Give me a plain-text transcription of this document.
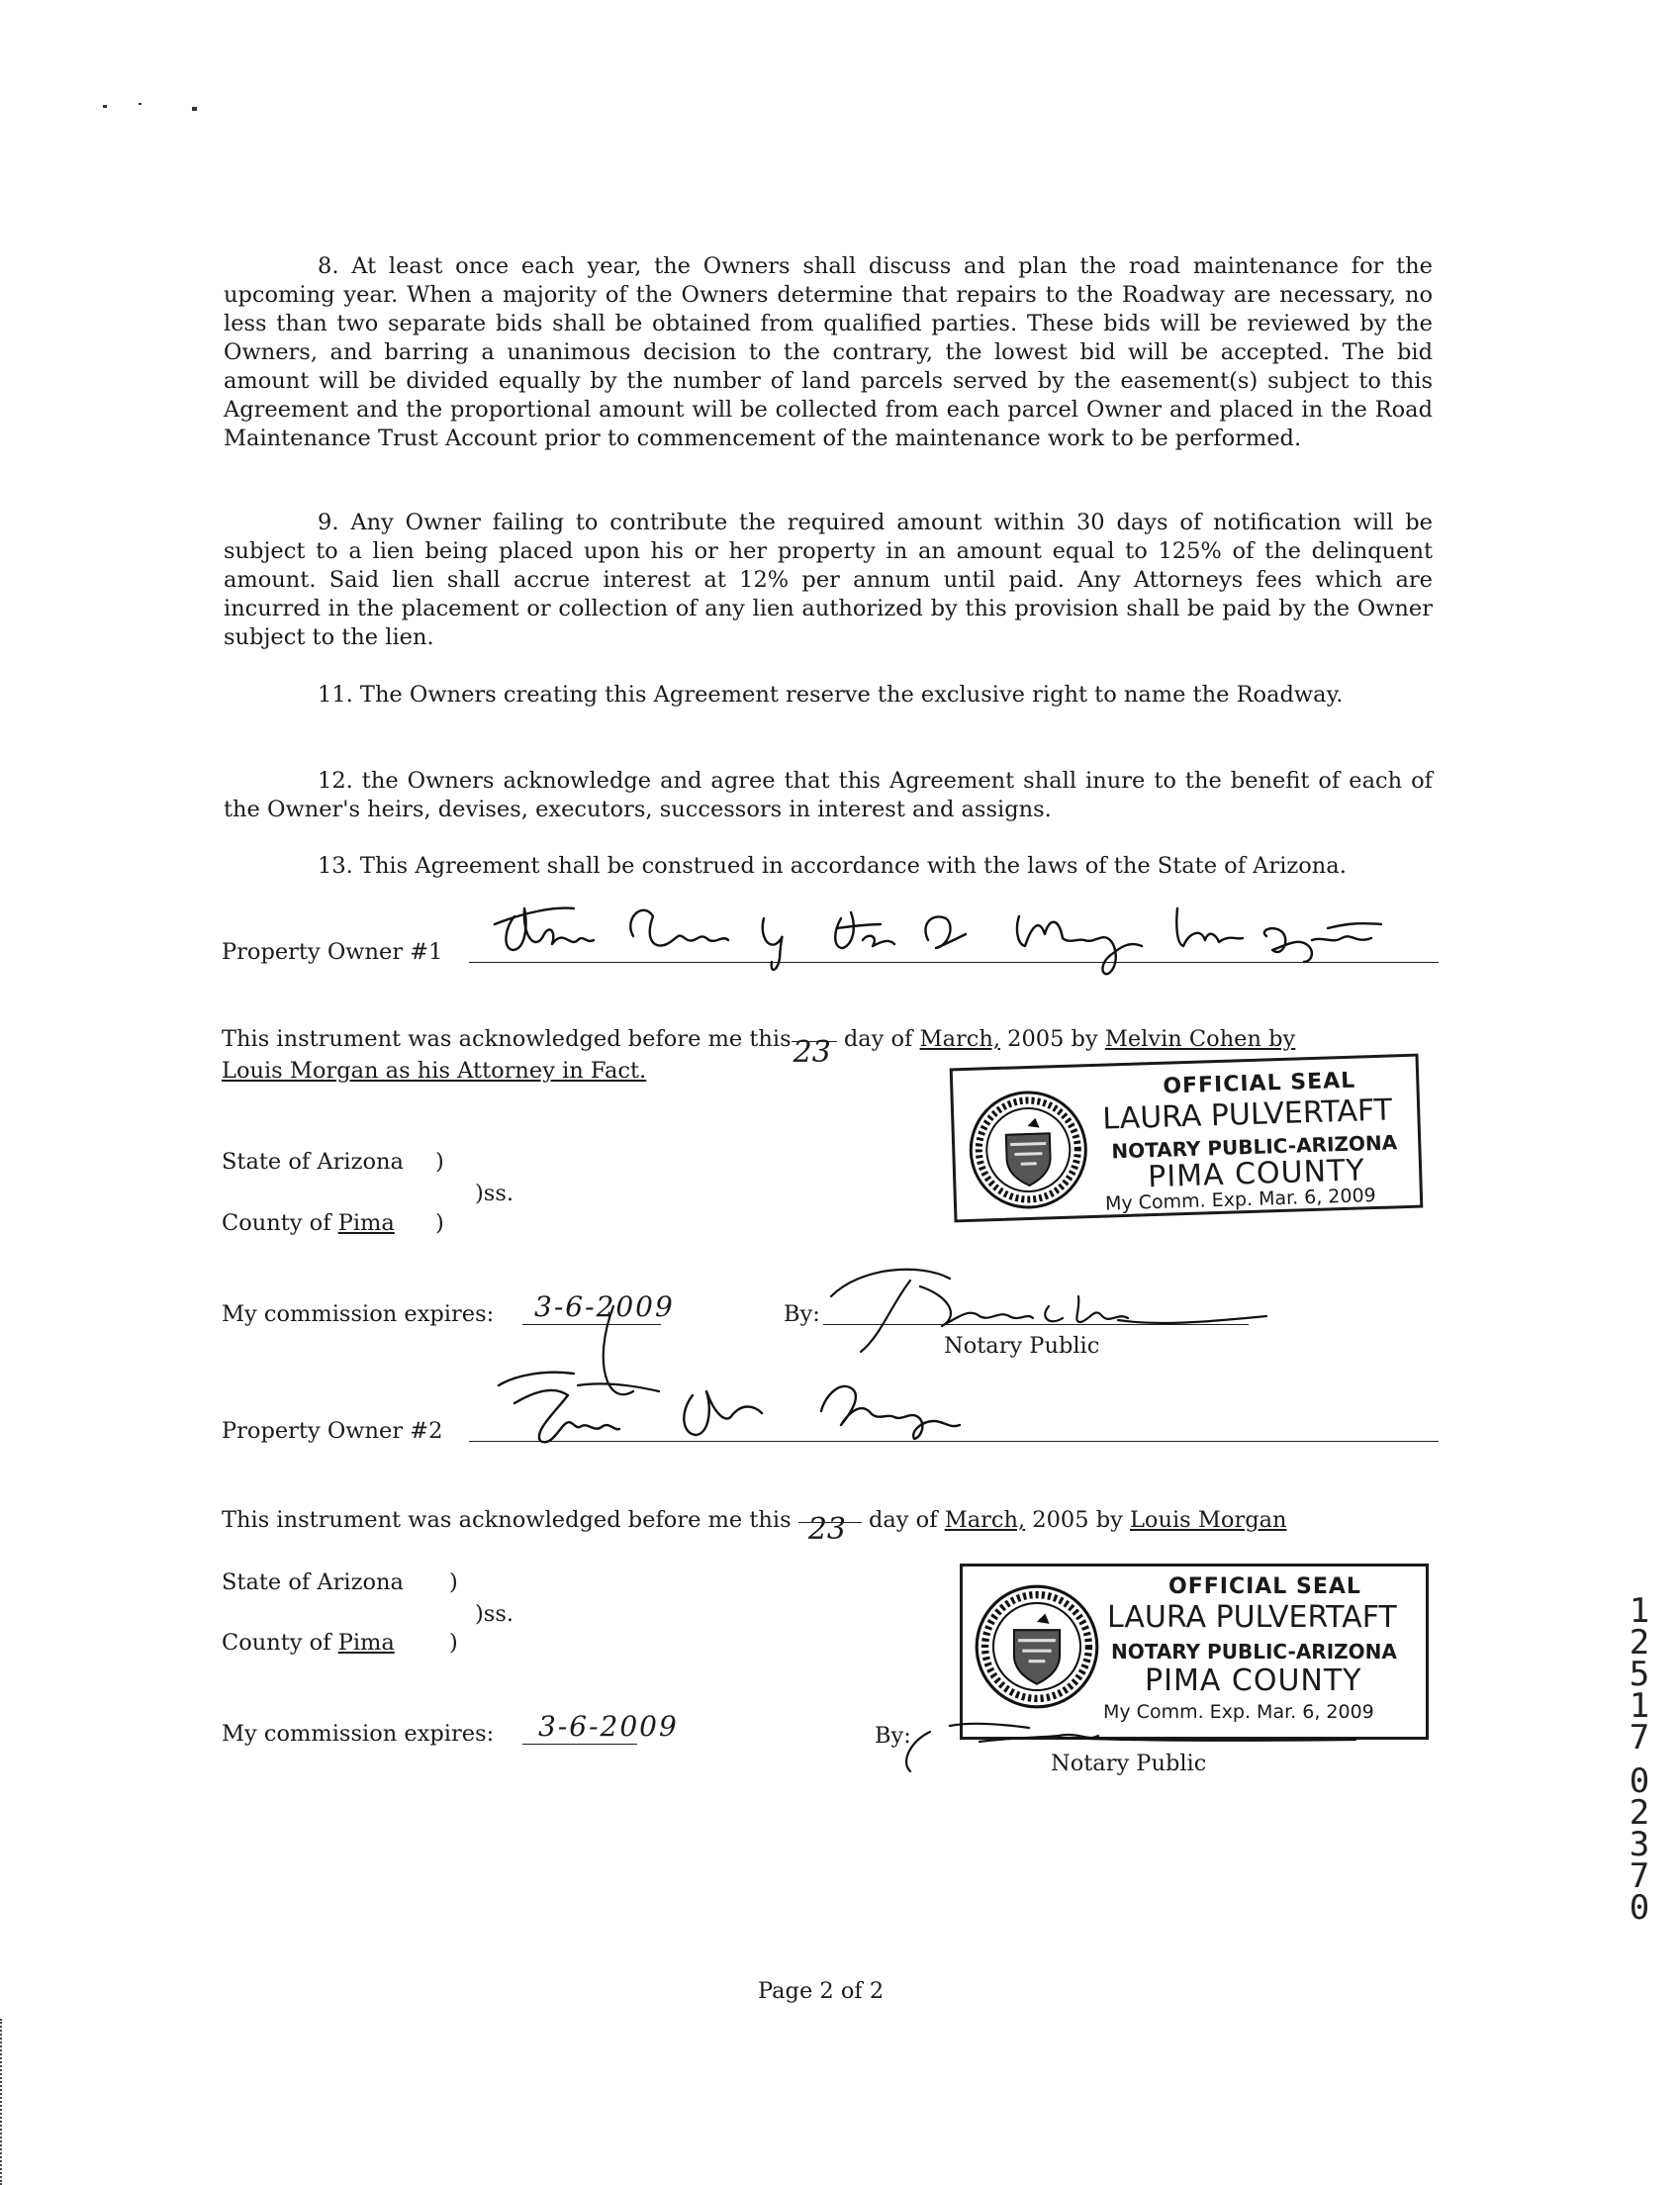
8. At least once each year, the Owners shall discuss and plan the road maintenance for the upcoming year. When a majority of the Owners determine that repairs to the Roadway are necessary, no less than two separate bids shall be obtained from qualified parties. These bids will be reviewed by the Owners, and barring a unanimous decision to the contrary, the lowest bid will be accepted. The bid amount will be divided equally by the number of land parcels served by the easement(s) subject to this Agreement and the proportional amount will be collected from each parcel Owner and placed in the Road Maintenance Trust Account prior to commencement of the maintenance work to be performed.

9. Any Owner failing to contribute the required amount within 30 days of notification will be subject to a lien being placed upon his or her property in an amount equal to 125% of the delinquent amount. Said lien shall accrue interest at 12% per annum until paid. Any Attorneys fees which are incurred in the placement or collection of any lien authorized by this provision shall be paid by the Owner subject to the lien.

11. The Owners creating this Agreement reserve the exclusive right to name the Roadway.

12. the Owners acknowledge and agree that this Agreement shall inure to the benefit of each of the Owner's heirs, devises, executors, successors in interest and assigns.

13. This Agreement shall be construed in accordance with the laws of the State of Arizona.

Property Owner #1
This instrument was acknowledged before me this 23 day of March, 2005 by Melvin Cohen by
Louis Morgan as his Attorney in Fact.
State of Arizona )
)ss.
County of Pima )
OFFICIAL SEAL
LAURA PULVERTAFT
NOTARY PUBLIC-ARIZONA
PIMA COUNTY
My Comm. Exp. Mar. 6, 2009
My commission expires: 3-6-2009	By:
Notary Public
Property Owner #2
This instrument was acknowledged before me this 23 day of March, 2005 by Louis Morgan
State of Arizona )
)ss.
County of Pima )
My commission expires: 3-6-2009	By:
OFFICIAL SEAL
LAURA PULVERTAFT
NOTARY PUBLIC-ARIZONA
PIMA COUNTY
My Comm. Exp. Mar. 6, 2009
Notary Public
1
2
5
1
7
0
2
3
7
0
Page 2 of 2
